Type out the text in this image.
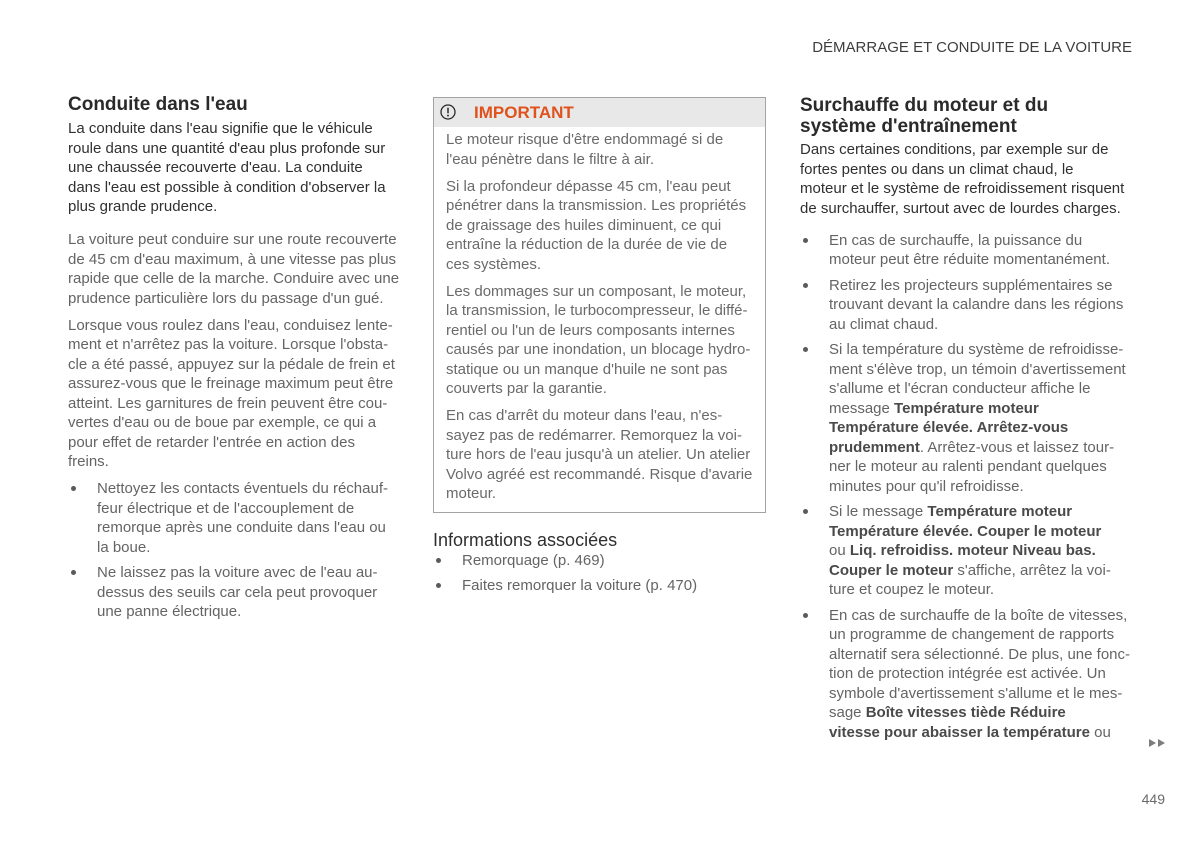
DÉMARRAGE ET CONDUITE DE LA VOITURE
Conduite dans l'eau
La conduite dans l'eau signifie que le véhicule
roule dans une quantité d'eau plus profonde sur
une chaussée recouverte d'eau. La conduite
dans l'eau est possible à condition d'observer la
plus grande prudence.
La voiture peut conduire sur une route recouverte
de 45 cm d'eau maximum, à une vitesse pas plus
rapide que celle de la marche. Conduire avec une
prudence particulière lors du passage d'un gué.
Lorsque vous roulez dans l'eau, conduisez lente-
ment et n'arrêtez pas la voiture. Lorsque l'obsta-
cle a été passé, appuyez sur la pédale de frein et
assurez-vous que le freinage maximum peut être
atteint. Les garnitures de frein peuvent être cou-
vertes d'eau ou de boue par exemple, ce qui a
pour effet de retarder l'entrée en action des
freins.
Nettoyez les contacts éventuels du réchauf-
feur électrique et de l'accouplement de
remorque après une conduite dans l'eau ou
la boue.
Ne laissez pas la voiture avec de l'eau au-
dessus des seuils car cela peut provoquer
une panne électrique.
IMPORTANT
Le moteur risque d'être endommagé si de
l'eau pénètre dans le filtre à air.
Si la profondeur dépasse 45 cm, l'eau peut
pénétrer dans la transmission. Les propriétés
de graissage des huiles diminuent, ce qui
entraîne la réduction de la durée de vie de
ces systèmes.
Les dommages sur un composant, le moteur,
la transmission, le turbocompresseur, le diffé-
rentiel ou l'un de leurs composants internes
causés par une inondation, un blocage hydro-
statique ou un manque d'huile ne sont pas
couverts par la garantie.
En cas d'arrêt du moteur dans l'eau, n'es-
sayez pas de redémarrer. Remorquez la voi-
ture hors de l'eau jusqu'à un atelier. Un atelier
Volvo agréé est recommandé. Risque d'avarie
moteur.
Informations associées
Remorquage (p. 469)
Faites remorquer la voiture (p. 470)
Surchauffe du moteur et du
système d'entraînement
Dans certaines conditions, par exemple sur de
fortes pentes ou dans un climat chaud, le
moteur et le système de refroidissement risquent
de surchauffer, surtout avec de lourdes charges.
En cas de surchauffe, la puissance du
moteur peut être réduite momentanément.
Retirez les projecteurs supplémentaires se
trouvant devant la calandre dans les régions
au climat chaud.
Si la température du système de refroidisse-
ment s'élève trop, un témoin d'avertissement
s'allume et l'écran conducteur affiche le
message Température moteur
Température élevée. Arrêtez-vous
prudemment. Arrêtez-vous et laissez tour-
ner le moteur au ralenti pendant quelques
minutes pour qu'il refroidisse.
Si le message Température moteur
Température élevée. Couper le moteur
ou Liq. refroidiss. moteur Niveau bas.
Couper le moteur s'affiche, arrêtez la voi-
ture et coupez le moteur.
En cas de surchauffe de la boîte de vitesses,
un programme de changement de rapports
alternatif sera sélectionné. De plus, une fonc-
tion de protection intégrée est activée. Un
symbole d'avertissement s'allume et le mes-
sage Boîte vitesses tiède Réduire
vitesse pour abaisser la température ou
449
